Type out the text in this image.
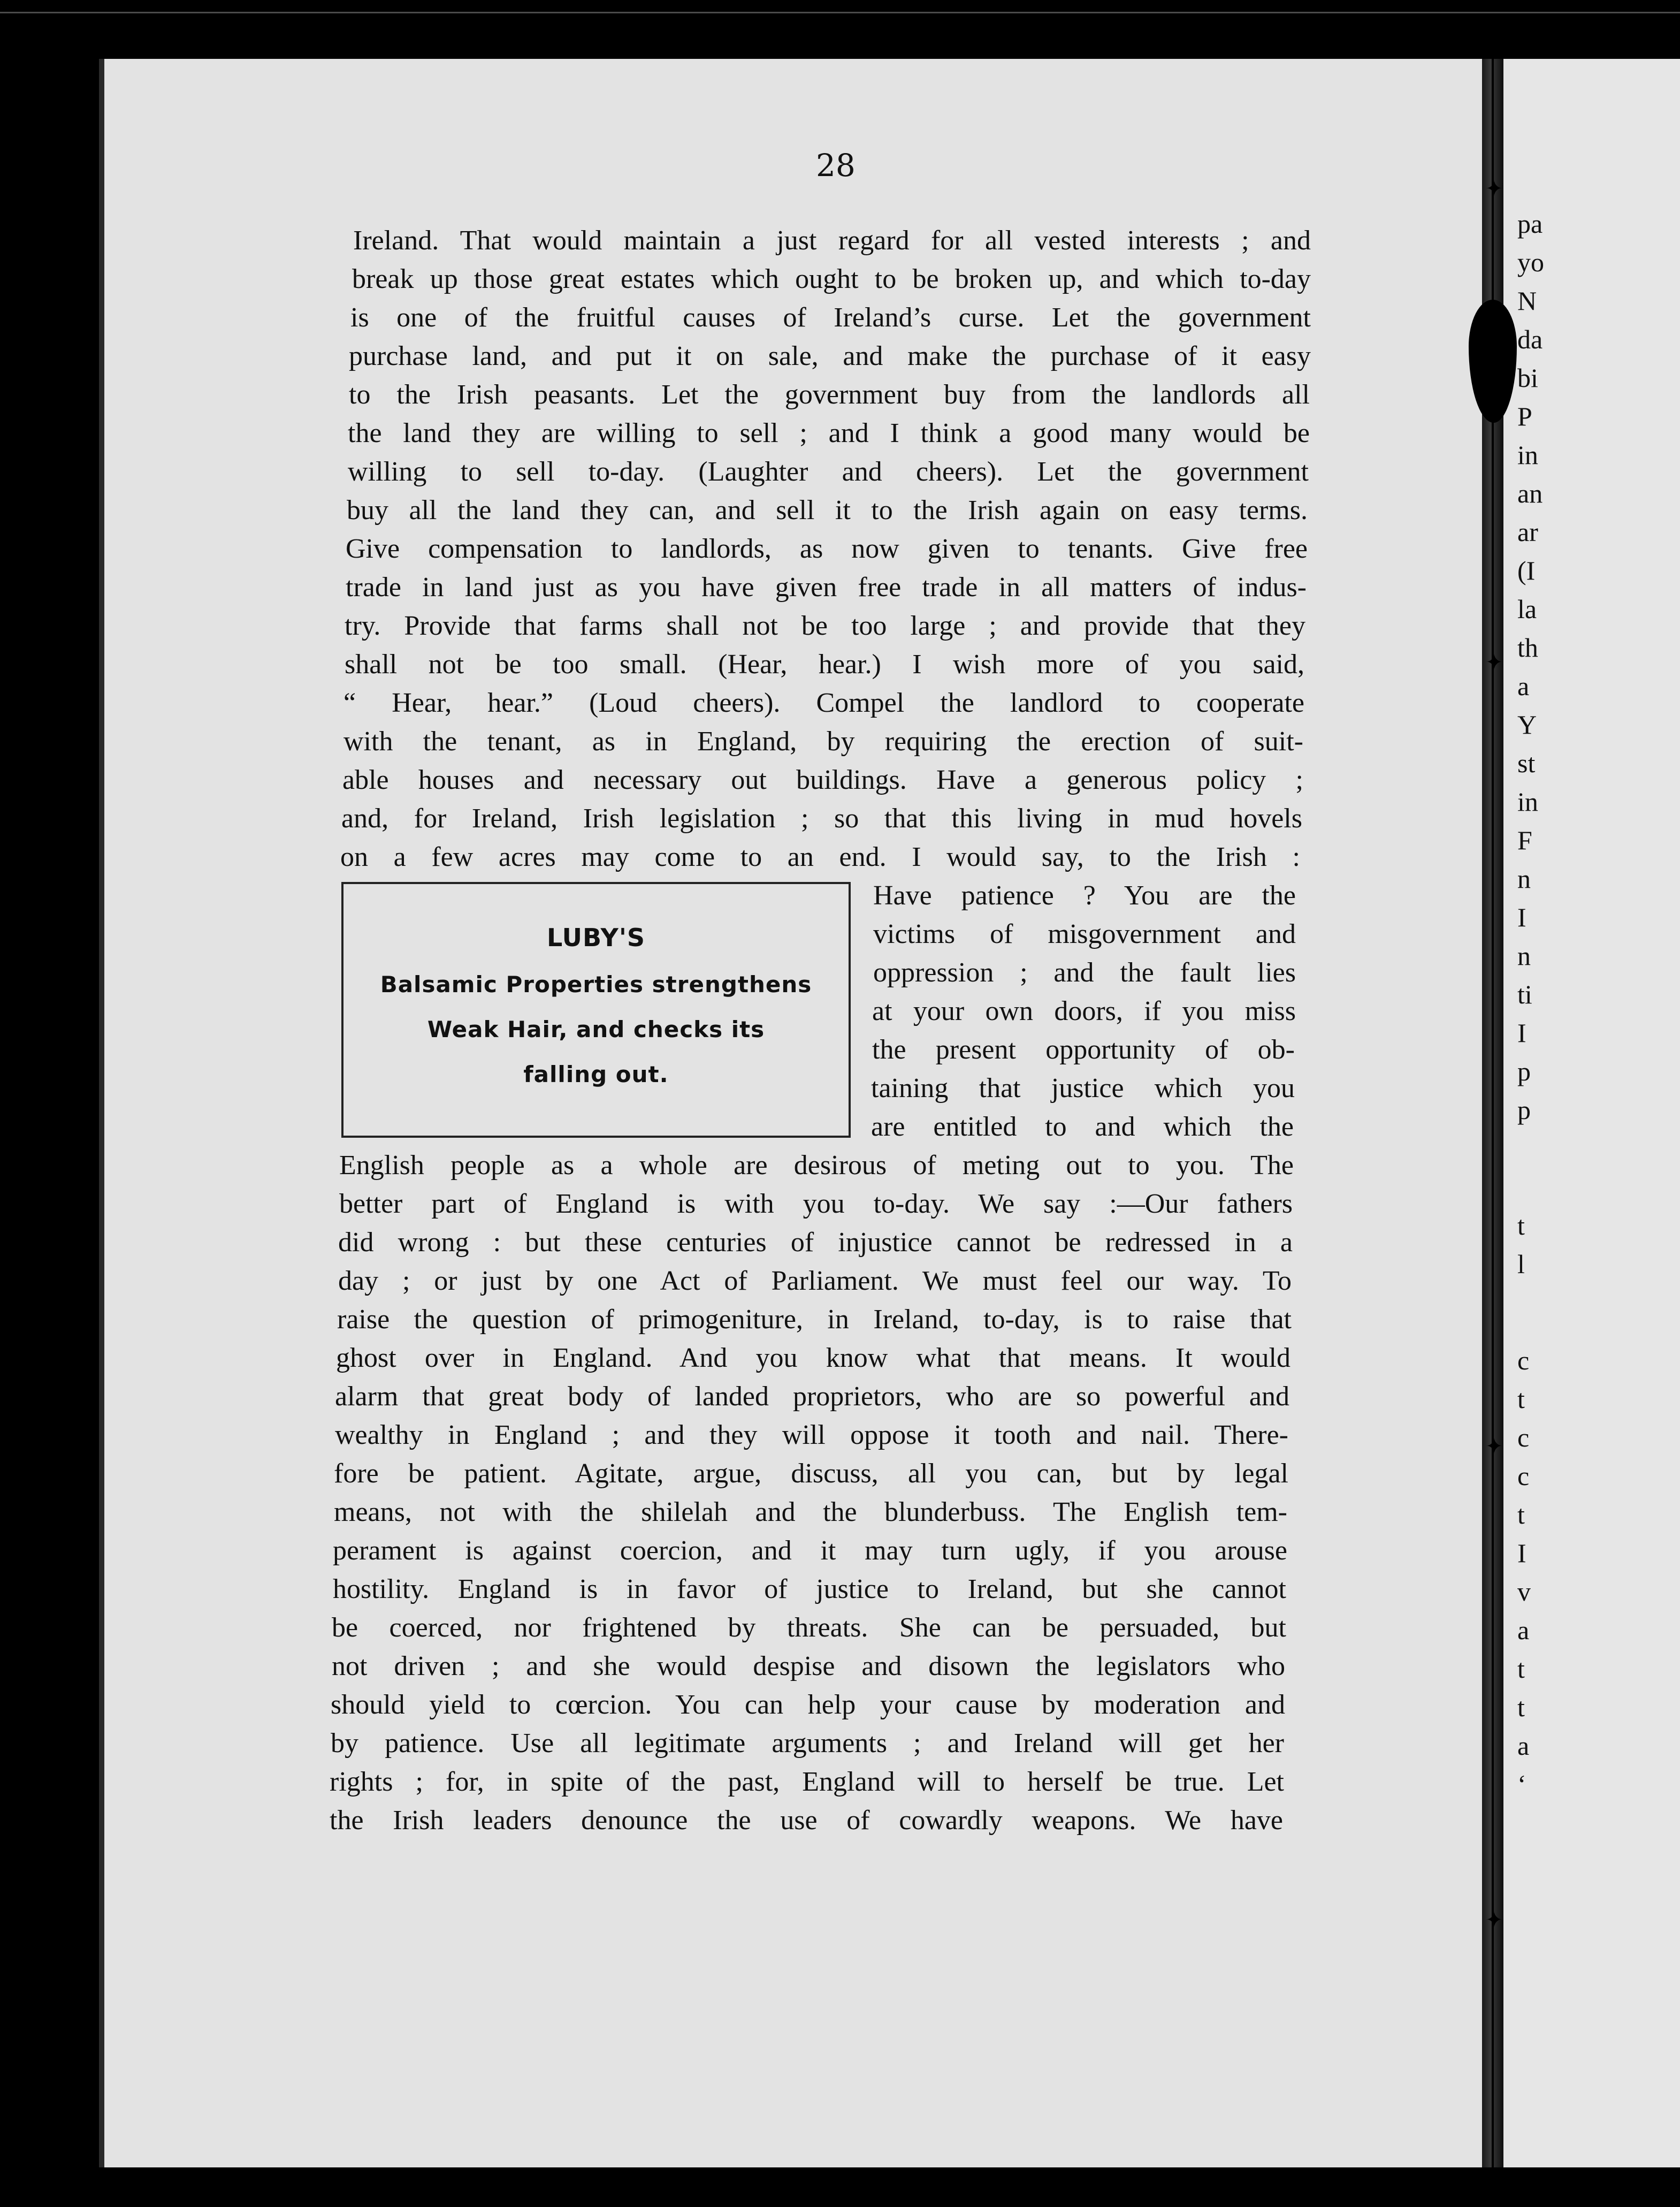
✦
✦
✦
✦
28
Ireland. That would maintain a just regard for all vested interests ; and
break up those great estates which ought to be broken up, and which to-day
is one of the fruitful causes of Ireland’s curse. Let the government
purchase land, and put it on sale, and make the purchase of it easy
to the Irish peasants. Let the government buy from the landlords all
the land they are willing to sell ; and I think a good many would be
willing to sell to-day. (Laughter and cheers). Let the government
buy all the land they can, and sell it to the Irish again on easy terms.
Give compensation to landlords, as now given to tenants. Give free
trade in land just as you have given free trade in all matters of indus-
try. Provide that farms shall not be too large ; and provide that they
shall not be too small. (Hear, hear.) I wish more of you said,
“ Hear, hear.” (Loud cheers). Compel the landlord to cooperate
with the tenant, as in England, by requiring the erection of suit-
able houses and necessary out buildings. Have a generous policy ;
and, for Ireland, Irish legislation ; so that this living in mud hovels
on a few acres may come to an end. I would say, to the Irish :
LUBY'S
Balsamic Properties strengthens
Weak Hair, and checks its
falling out.
Have patience ? You are the
victims of misgovernment and
oppression ; and the fault lies
at your own doors, if you miss
the present opportunity of ob-
taining that justice which you
are entitled to and which the
English people as a whole are desirous of meting out to you. The
better part of England is with you to-day. We say :—Our fathers
did wrong : but these centuries of injustice cannot be redressed in a
day ; or just by one Act of Parliament. We must feel our way. To
raise the question of primogeniture, in Ireland, to-day, is to raise that
ghost over in England. And you know what that means. It would
alarm that great body of landed proprietors, who are so powerful and
wealthy in England ; and they will oppose it tooth and nail. There-
fore be patient. Agitate, argue, discuss, all you can, but by legal
means, not with the shilelah and the blunderbuss. The English tem-
perament is against coercion, and it may turn ugly, if you arouse
hostility. England is in favor of justice to Ireland, but she cannot
be coerced, nor frightened by threats. She can be persuaded, but
not driven ; and she would despise and disown the legislators who
should yield to cœrcion. You can help your cause by moderation and
by patience. Use all legitimate arguments ; and Ireland will get her
rights ; for, in spite of the past, England will to herself be true. Let
the Irish leaders denounce the use of cowardly weapons. We have
pa
yo
N
da
bi
P
in
an
ar
(I
la
th
a
Y
st
in
F
n
I
n
ti
I
p
p
t
l
c
t
c
c
t
I
v
a
t
t
a
‘
